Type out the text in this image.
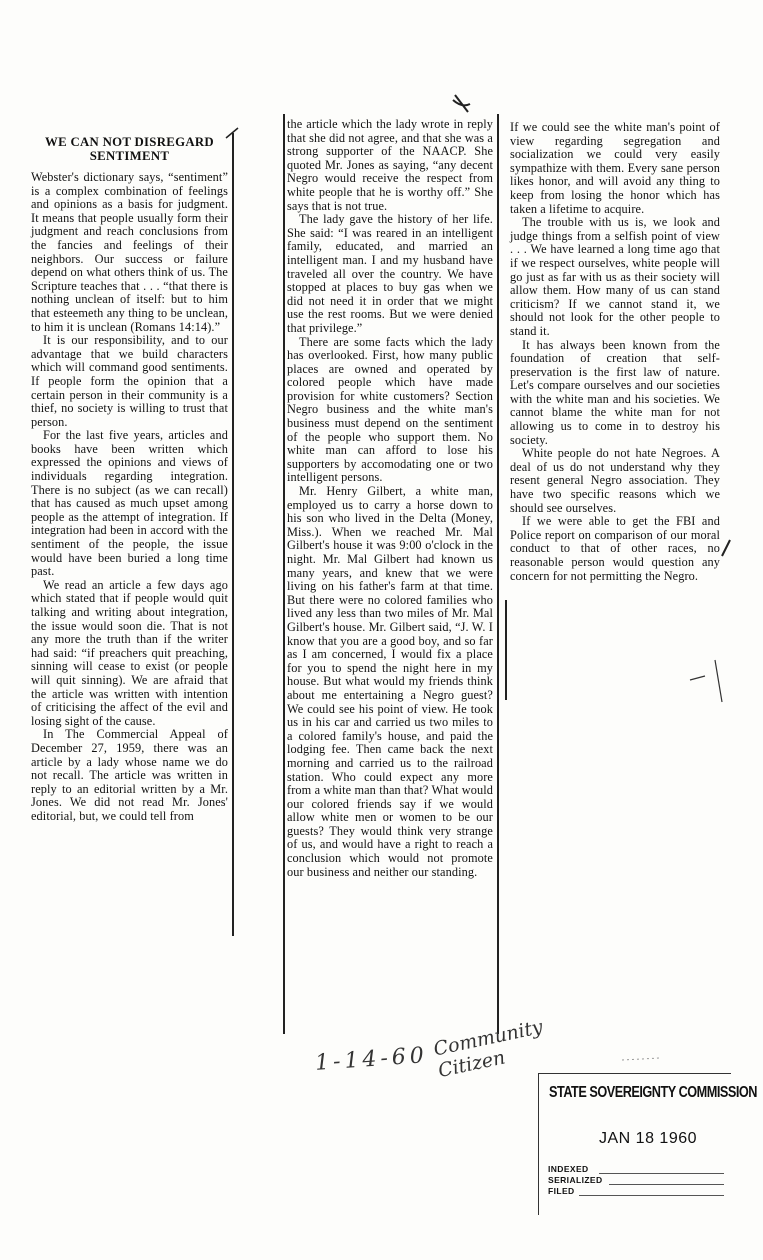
WE CAN NOT DISREGARD
SENTIMENT

Webster's dictionary says, “sentiment” is a complex combination of feelings and opinions as a basis for judgment. It means that people usually form their judgment and reach conclusions from the fancies and feelings of their neighbors. Our success or failure depend on what others think of us. The Scripture teaches that . . . “that there is nothing unclean of itself: but to him that esteemeth any thing to be unclean, to him it is unclean (Romans 14:14).”

It is our responsibility, and to our advantage that we build characters which will command good sentiments. If people form the opinion that a certain person in their community is a thief, no society is willing to trust that person.

For the last five years, articles and books have been written which expressed the opinions and views of individuals regarding integration. There is no subject (as we can recall) that has caused as much upset among people as the attempt of integration. If integration had been in accord with the sentiment of the people, the issue would have been buried a long time past.

We read an article a few days ago which stated that if people would quit talking and writing about integration, the issue would soon die. That is not any more the truth than if the writer had said: “if preachers quit preaching, sinning will cease to exist (or people will quit sinning). We are afraid that the article was written with intention of criticising the affect of the evil and losing sight of the cause.

In The Commercial Appeal of December 27, 1959, there was an article by a lady whose name we do not recall. The article was written in reply to an editorial written by a Mr. Jones. We did not read Mr. Jones' editorial, but, we could tell from

the article which the lady wrote in reply that she did not agree, and that she was a strong supporter of the NAACP. She quoted Mr. Jones as saying, “any decent Negro would receive the respect from white people that he is worthy off.” She says that is not true.

The lady gave the history of her life. She said: “I was reared in an intelligent family, educated, and married an intelligent man. I and my husband have traveled all over the country. We have stopped at places to buy gas when we did not need it in order that we might use the rest rooms. But we were denied that privilege.”

There are some facts which the lady has overlooked. First, how many public places are owned and operated by colored people which have made provision for white customers? Section Negro business and the white man's business must depend on the sentiment of the people who support them. No white man can afford to lose his supporters by accomodating one or two intelligent persons.

Mr. Henry Gilbert, a white man, employed us to carry a horse down to his son who lived in the Delta (Money, Miss.). When we reached Mr. Mal Gilbert's house it was 9:00 o'clock in the night. Mr. Mal Gilbert had known us many years, and knew that we were living on his father's farm at that time. But there were no colored families who lived any less than two miles of Mr. Mal Gilbert's house. Mr. Gilbert said, “J. W. I know that you are a good boy, and so far as I am concerned, I would fix a place for you to spend the night here in my house. But what would my friends think about me entertaining a Negro guest? We could see his point of view. He took us in his car and carried us two miles to a colored family's house, and paid the lodging fee. Then came back the next morning and carried us to the railroad station. Who could expect any more from a white man than that? What would our colored friends say if we would allow white men or women to be our guests? They would think very strange of us, and would have a right to reach a conclusion which would not promote our business and neither our standing.

If we could see the white man's point of view regarding segregation and socialization we could very easily sympathize with them. Every sane person likes honor, and will avoid any thing to keep from losing the honor which has taken a lifetime to acquire.

The trouble with us is, we look and judge things from a selfish point of view . . . We have learned a long time ago that if we respect ourselves, white people will go just as far with us as their society will allow them. How many of us can stand criticism? If we cannot stand it, we should not look for the other people to stand it.

It has always been known from the foundation of creation that self-preservation is the first law of nature. Let's compare ourselves and our societies with the white man and his societies. We cannot blame the white man for not allowing us to come in to destroy his society.

White people do not hate Negroes. A deal of us do not understand why they resent general Negro association. They have two specific reasons which we should see ourselves.

If we were able to get the FBI and Police report on comparison of our moral conduct to that of other races, no reasonable person would question any concern for not permitting the Negro.

Community Citizen
1-14-60
STATE SOVEREIGNTY COMMISSION
JAN 18 1960
INDEXED
SERIALIZED
FILED
